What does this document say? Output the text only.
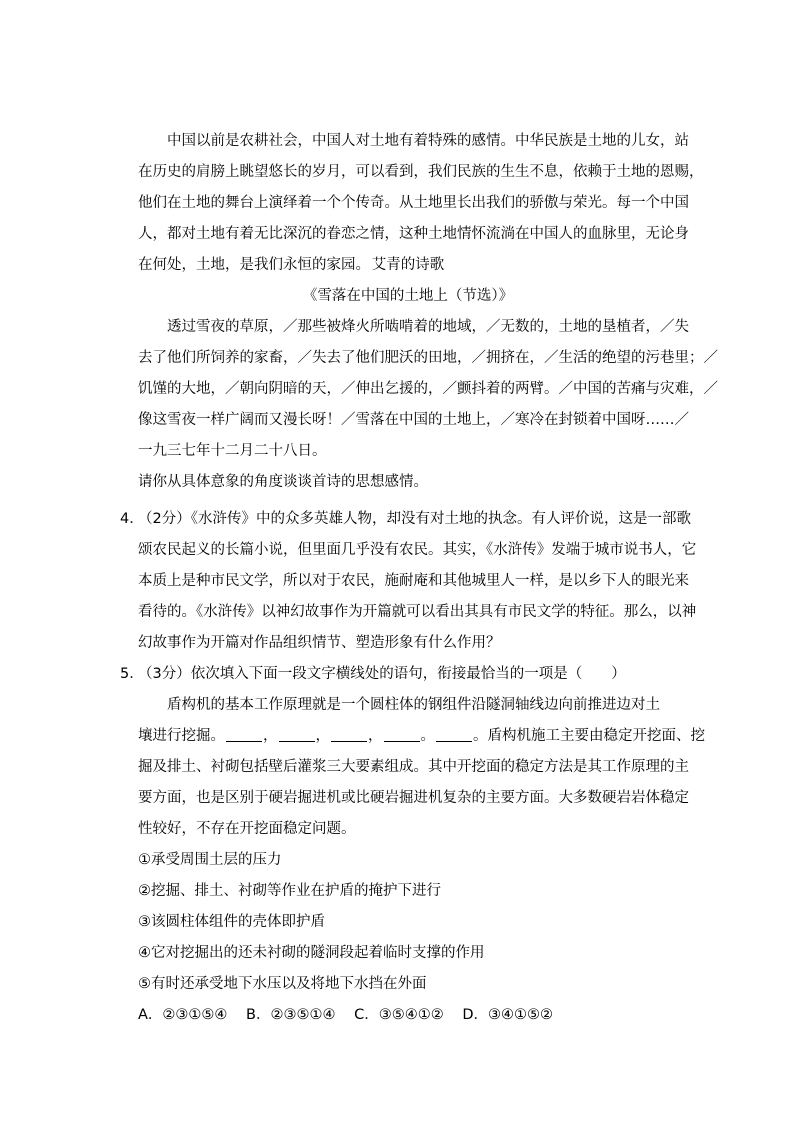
中国以前是农耕社会，中国人对土地有着特殊的感情。中华民族是土地的儿女，站
在历史的肩膀上眺望悠长的岁月，可以看到，我们民族的生生不息，依赖于土地的恩赐，
他们在土地的舞台上演绎着一个个传奇。从土地里长出我们的骄傲与荣光。每一个中国
人，都对土地有着无比深沉的眷恋之情，这种土地情怀流淌在中国人的血脉里，无论身
在何处，土地，是我们永恒的家园。 艾青的诗歌
《雪落在中国的土地上（节选）》
透过雪夜的草原，／那些被烽火所啮啃着的地域，／无数的，土地的垦植者，／失
去了他们所饲养的家畜，／失去了他们肥沃的田地，／拥挤在，／生活的绝望的污巷里；／
饥馑的大地，／朝向阴暗的天，／伸出乞援的，／颤抖着的两臂。／中国的苦痛与灾难，／
像这雪夜一样广阔而又漫长呀！／雪落在中国的土地上，／寒冷在封锁着中国呀……／
一九三七年十二月二十八日。
请你从具体意象的角度谈谈首诗的思想感情。
4．
（2分）《水浒传》中的众多英雄人物，却没有对土地的执念。有人评价说，这是一部歌
颂农民起义的长篇小说，但里面几乎没有农民。其实，《水浒传》发端于城市说书人，它
本质上是种市民文学，所以对于农民，施耐庵和其他城里人一样，是以乡下人的眼光来
看待的。《水浒传》以神幻故事作为开篇就可以看出其具有市民文学的特征。那么，以神
幻故事作为开篇对作品组织情节、塑造形象有什么作用？
5．
（3分）依次填入下面一段文字横线处的语句，衔接最恰当的一项是（　　）
盾构机的基本工作原理就是一个圆柱体的钢组件沿隧洞轴线边向前推进边对土
壤进行挖掘。	，	，	，	。	。盾构机施工主要由稳定开挖面、挖
掘及排土、衬砌包括壁后灌浆三大要素组成。其中开挖面的稳定方法是其工作原理的主
要方面，也是区别于硬岩掘进机或比硬岩掘进机复杂的主要方面。大多数硬岩岩体稳定
性较好，不存在开挖面稳定问题。
①承受周围土层的压力
②挖掘、排土、衬砌等作业在护盾的掩护下进行
③该圆柱体组件的壳体即护盾
④它对挖掘出的还未衬砌的隧洞段起着临时支撑的作用
⑤有时还承受地下水压以及将地下水挡在外面
A．②③①⑤④ B．②③⑤①④ C．③⑤④①② D．③④①⑤②
